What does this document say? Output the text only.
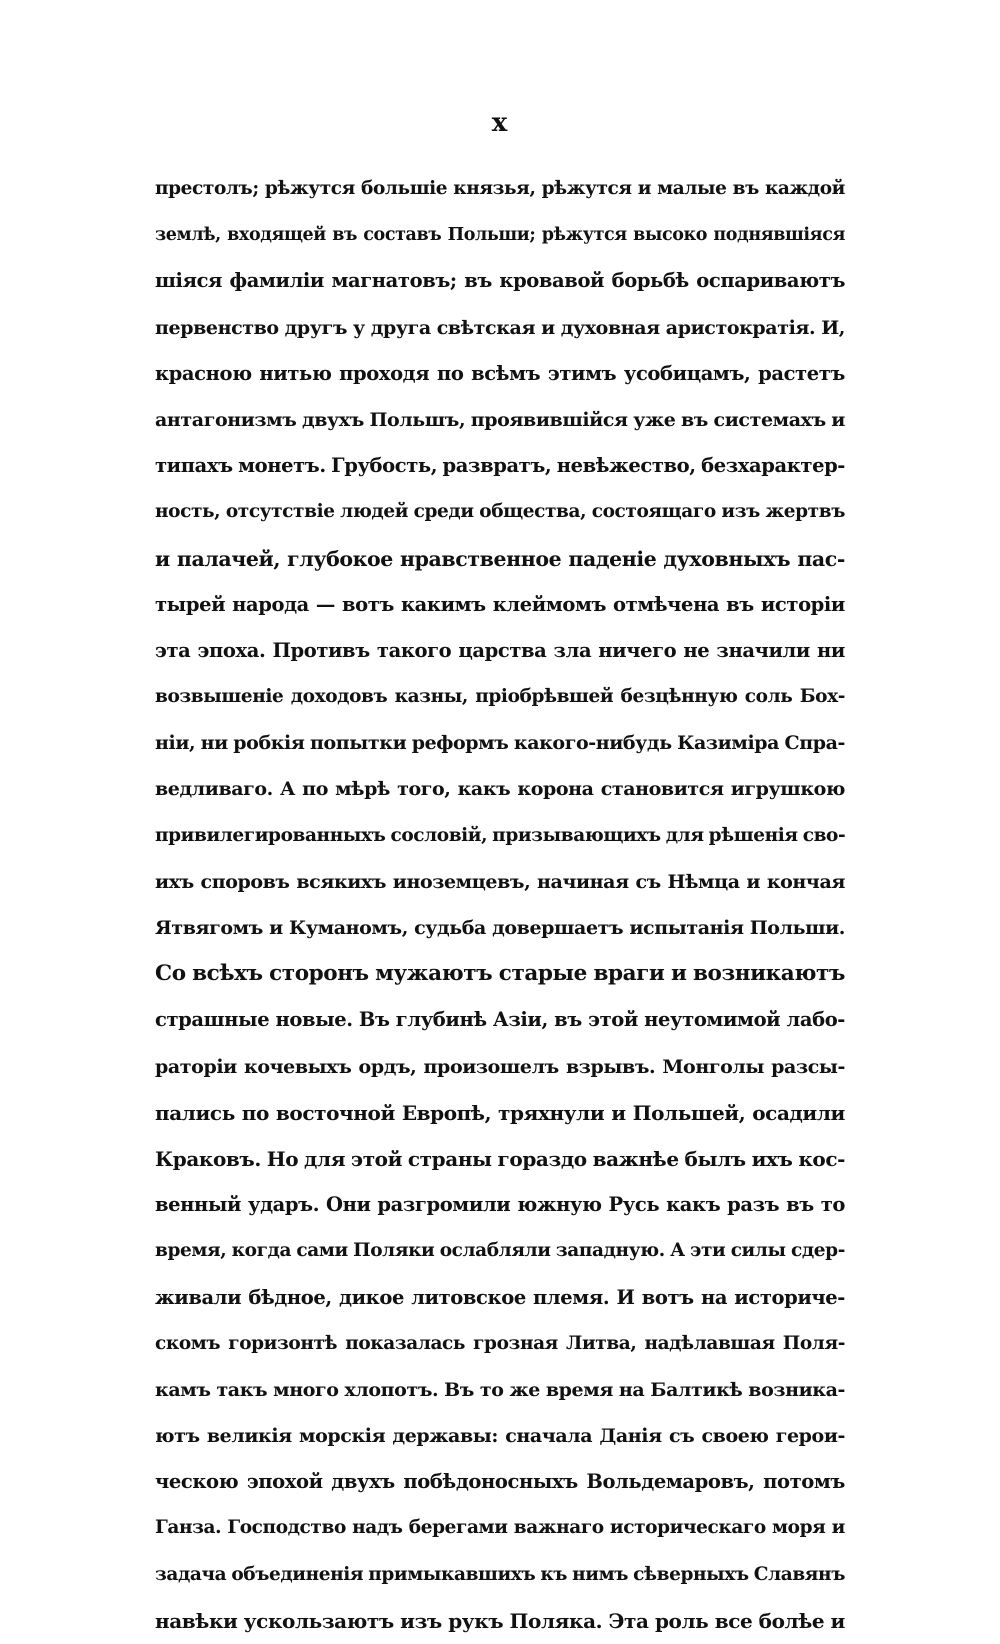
x
престолъ; рѣжутся большіе князья, рѣжутся и малые въ каждой
землѣ, входящей въ составъ Польши; рѣжутся высоко поднявшіяся
шіяся фамиліи магнатовъ; въ кровавой борьбѣ оспариваютъ
первенство другъ у друга свѣтская и духовная аристократія. И,
красною нитью проходя по всѣмъ этимъ усобицамъ, растетъ
антагонизмъ двухъ Польшъ, проявившійся уже въ системахъ и
типахъ монетъ. Грубость, развратъ, невѣжество, безхарактер-
ность, отсутствіе людей среди общества, состоящаго изъ жертвъ
и палачей, глубокое нравственное паденіе духовныхъ пас-
тырей народа — вотъ какимъ клеймомъ отмѣчена въ исторіи
эта эпоха. Противъ такого царства зла ничего не значили ни
возвышеніе доходовъ казны, пріобрѣвшей безцѣнную соль Бох-
ніи, ни робкія попытки реформъ какого-нибудь Казиміра Спра-
ведливаго. А по мѣрѣ того, какъ корона становится игрушкою
привилегированныхъ сословій, призывающихъ для рѣшенія сво-
ихъ споровъ всякихъ иноземцевъ, начиная съ Нѣмца и кончая
Ятвягомъ и Куманомъ, судьба довершаетъ испытанія Польши.
Со всѣхъ сторонъ мужаютъ старые враги и возникаютъ
страшные новые. Въ глубинѣ Азіи, въ этой неутомимой лабо-
раторіи кочевыхъ ордъ, произошелъ взрывъ. Монголы разсы-
пались по восточной Европѣ, тряхнули и Польшей, осадили
Краковъ. Но для этой страны гораздо важнѣе былъ ихъ кос-
венный ударъ. Они разгромили южную Русь какъ разъ въ то
время, когда сами Поляки ослабляли западную. А эти силы сдер-
живали бѣдное, дикое литовское племя. И вотъ на историче-
скомъ горизонтѣ показалась грозная Литва, надѣлавшая Поля-
камъ такъ много хлопотъ. Въ то же время на Балтикѣ возника-
ютъ великія морскія державы: сначала Данія съ своею герои-
ческою эпохой двухъ побѣдоносныхъ Вольдемаровъ, потомъ
Ганза. Господство надъ берегами важнаго историческаго моря и
задача объединенія примыкавшихъ къ нимъ сѣверныхъ Славянъ
навѣки ускользаютъ изъ рукъ Поляка. Эта роль все болѣе и
